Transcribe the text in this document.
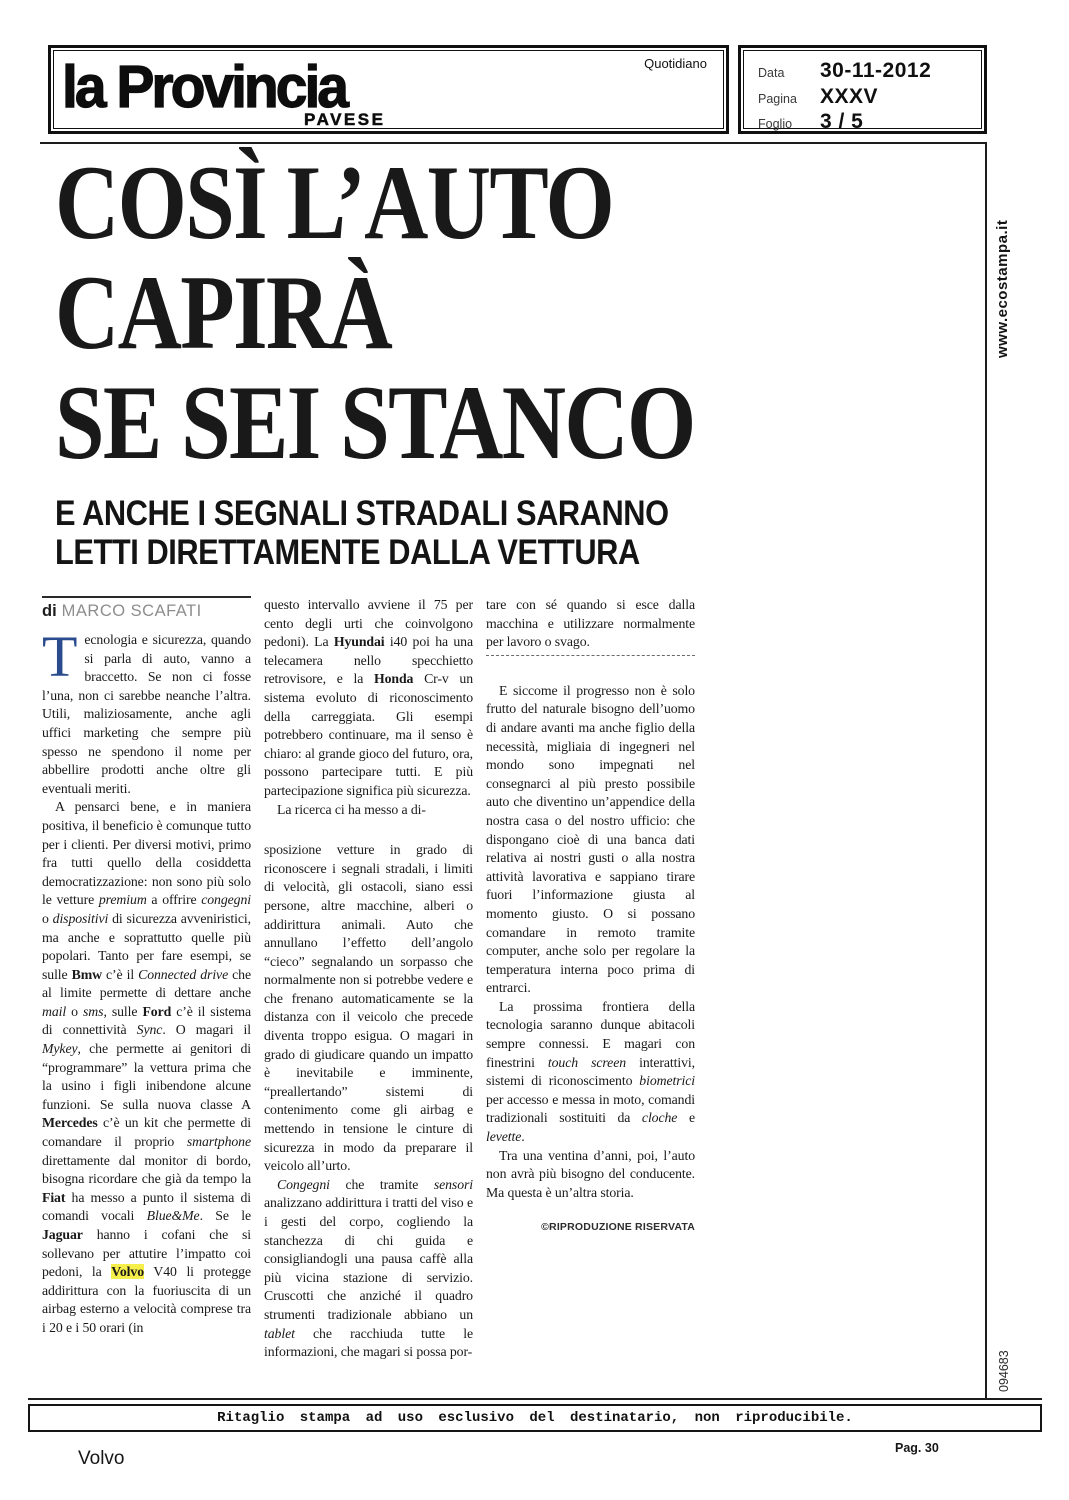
Quotidiano
la Provincia
PAVESE
Data	30-11-2012
Pagina	XXXV
Foglio	3 / 5
www.ecostampa.it
094683
COSÌ L’AUTO
CAPIRÀ
SE SEI STANCO
E ANCHE I SEGNALI STRADALI SARANNO
LETTI DIRETTAMENTE DALLA VETTURA
di MARCO SCAFATI

Tecnologia e sicurezza, quando si parla di auto, vanno a braccetto. Se non ci fosse l’una, non ci sarebbe neanche l’altra. Utili, maliziosamente, anche agli uffici marketing che sempre più spesso ne spendono il nome per abbellire prodotti anche oltre gli eventuali meriti.

A pensarci bene, e in maniera positiva, il beneficio è comunque tutto per i clienti. Per diversi motivi, primo fra tutti quello della cosiddetta democratizzazione: non sono più solo le vetture premium a offrire congegni o dispositivi di sicurezza avveniristici, ma anche e soprattutto quelle più popolari. Tanto per fare esempi, se sulle Bmw c’è il Connected drive che al limite permette di dettare anche mail o sms, sulle Ford c’è il sistema di connettività Sync. O magari il Mykey, che permette ai genitori di “programmare” la vettura prima che la usino i figli inibendone alcune funzioni. Se sulla nuova classe A Mercedes c’è un kit che permette di comandare il proprio smartphone direttamente dal monitor di bordo, bisogna ricordare che già da tempo la Fiat ha messo a punto il sistema di comandi vocali Blue&Me. Se le Jaguar hanno i cofani che si sollevano per attutire l’impatto coi pedoni, la Volvo V40 li protegge addirittura con la fuoriuscita di un airbag esterno a velocità comprese tra i 20 e i 50 orari (in

questo intervallo avviene il 75 per cento degli urti che coinvolgono pedoni). La Hyundai i40 poi ha una telecamera nello specchietto retrovisore, e la Honda Cr-v un sistema evoluto di riconoscimento della carreggiata. Gli esempi potrebbero continuare, ma il senso è chiaro: al grande gioco del futuro, ora, possono partecipare tutti. E più partecipazione significa più sicurezza.

La ricerca ci ha messo a di-

sposizione vetture in grado di riconoscere i segnali stradali, i limiti di velocità, gli ostacoli, siano essi persone, altre macchine, alberi o addirittura animali. Auto che annullano l’effetto dell’angolo “cieco” segnalando un sorpasso che normalmente non si potrebbe vedere e che frenano automaticamente se la distanza con il veicolo che precede diventa troppo esigua. O magari in grado di giudicare quando un impatto è inevitabile e imminente, “preallertando” sistemi di contenimento come gli airbag e mettendo in tensione le cinture di sicurezza in modo da preparare il veicolo all’urto.

Congegni che tramite sensori analizzano addirittura i tratti del viso e i gesti del corpo, cogliendo la stanchezza di chi guida e consigliandogli una pausa caffè alla più vicina stazione di servizio. Cruscotti che anziché il quadro strumenti tradizionale abbiano un tablet che racchiuda tutte le informazioni, che magari si possa por-

tare con sé quando si esce dalla macchina e utilizzare normalmente per lavoro o svago.

E siccome il progresso non è solo frutto del naturale bisogno dell’uomo di andare avanti ma anche figlio della necessità, migliaia di ingegneri nel mondo sono impegnati nel consegnarci al più presto possibile auto che diventino un’appendice della nostra casa o del nostro ufficio: che dispongano cioè di una banca dati relativa ai nostri gusti o alla nostra attività lavorativa e sappiano tirare fuori l’informazione giusta al momento giusto. O si possano comandare in remoto tramite computer, anche solo per regolare la temperatura interna poco prima di entrarci.

La prossima frontiera della tecnologia saranno dunque abitacoli sempre connessi. E magari con finestrini touch screen interattivi, sistemi di riconoscimento biometrici per accesso e messa in moto, comandi tradizionali sostituiti da cloche e levette.

Tra una ventina d’anni, poi, l’auto non avrà più bisogno del conducente. Ma questa è un’altra storia.

©RIPRODUZIONE RISERVATA

Ritaglio stampa ad uso esclusivo del destinatario, non riproducibile.
Volvo	Pag. 30
